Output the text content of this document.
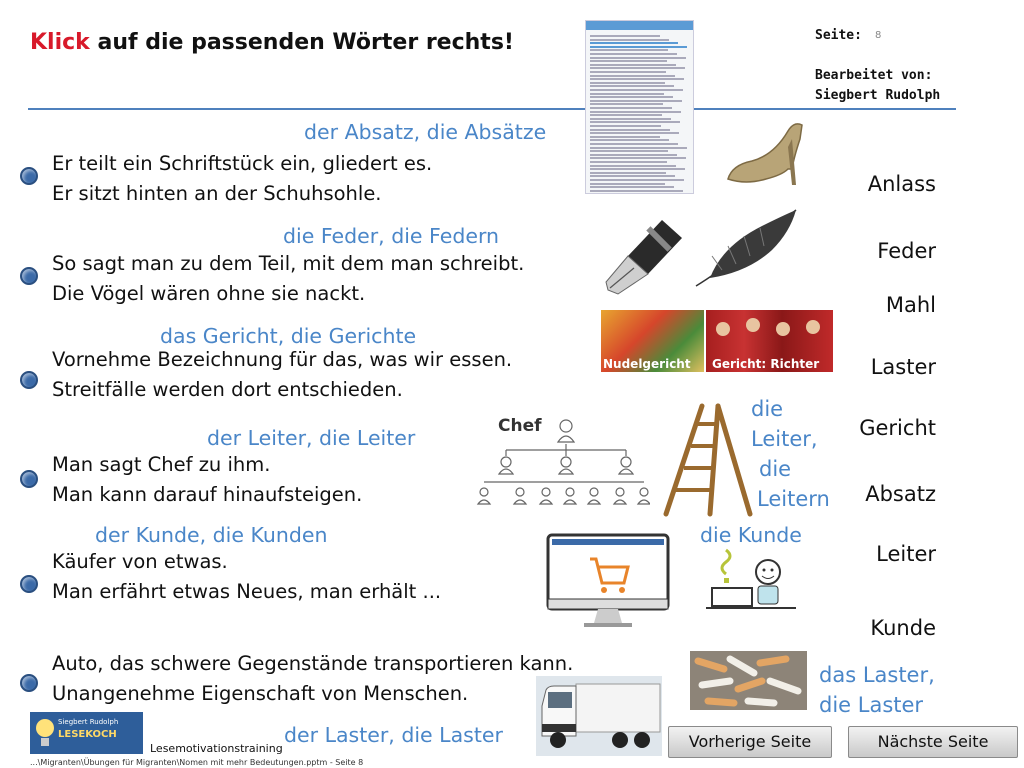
Klick auf die passenden Wörter rechts!	Seite: 8
Bearbeitet von:
Siegbert Rudolph
der Absatz, die Absätze
Er teilt ein Schriftstück ein, gliedert es.
Er sitzt hinten an der Schuhsohle.
die Feder, die Federn
So sagt man zu dem Teil, mit dem man schreibt.
Die Vögel wären ohne sie nackt.
das Gericht, die Gerichte
Vornehme Bezeichnung für das, was wir essen.
Streitfälle werden dort entschieden.
Nudelgericht Gericht: Richter
der Leiter, die Leiter
Man sagt Chef zu ihm.
Man kann darauf hinaufsteigen.
Chef
die
Leiter,
die
Leitern
der Kunde, die Kunden
Käufer von etwas.
Man erfährt etwas Neues, man erhält ...
die Kunde
Auto, das schwere Gegenstände transportieren kann.
Unangenehme Eigenschaft von Menschen.
der Laster, die Laster
das Laster,
die Laster
Anlass
Feder
Mahl
Laster
Gericht
Absatz
Leiter
Kunde
Siegbert Rudolph
LESEKOCH
Lesemotivationstraining
...\Migranten\Übungen für Migranten\Nomen mit mehr Bedeutungen.pptm - Seite 8
Vorherige Seite	Nächste Seite
